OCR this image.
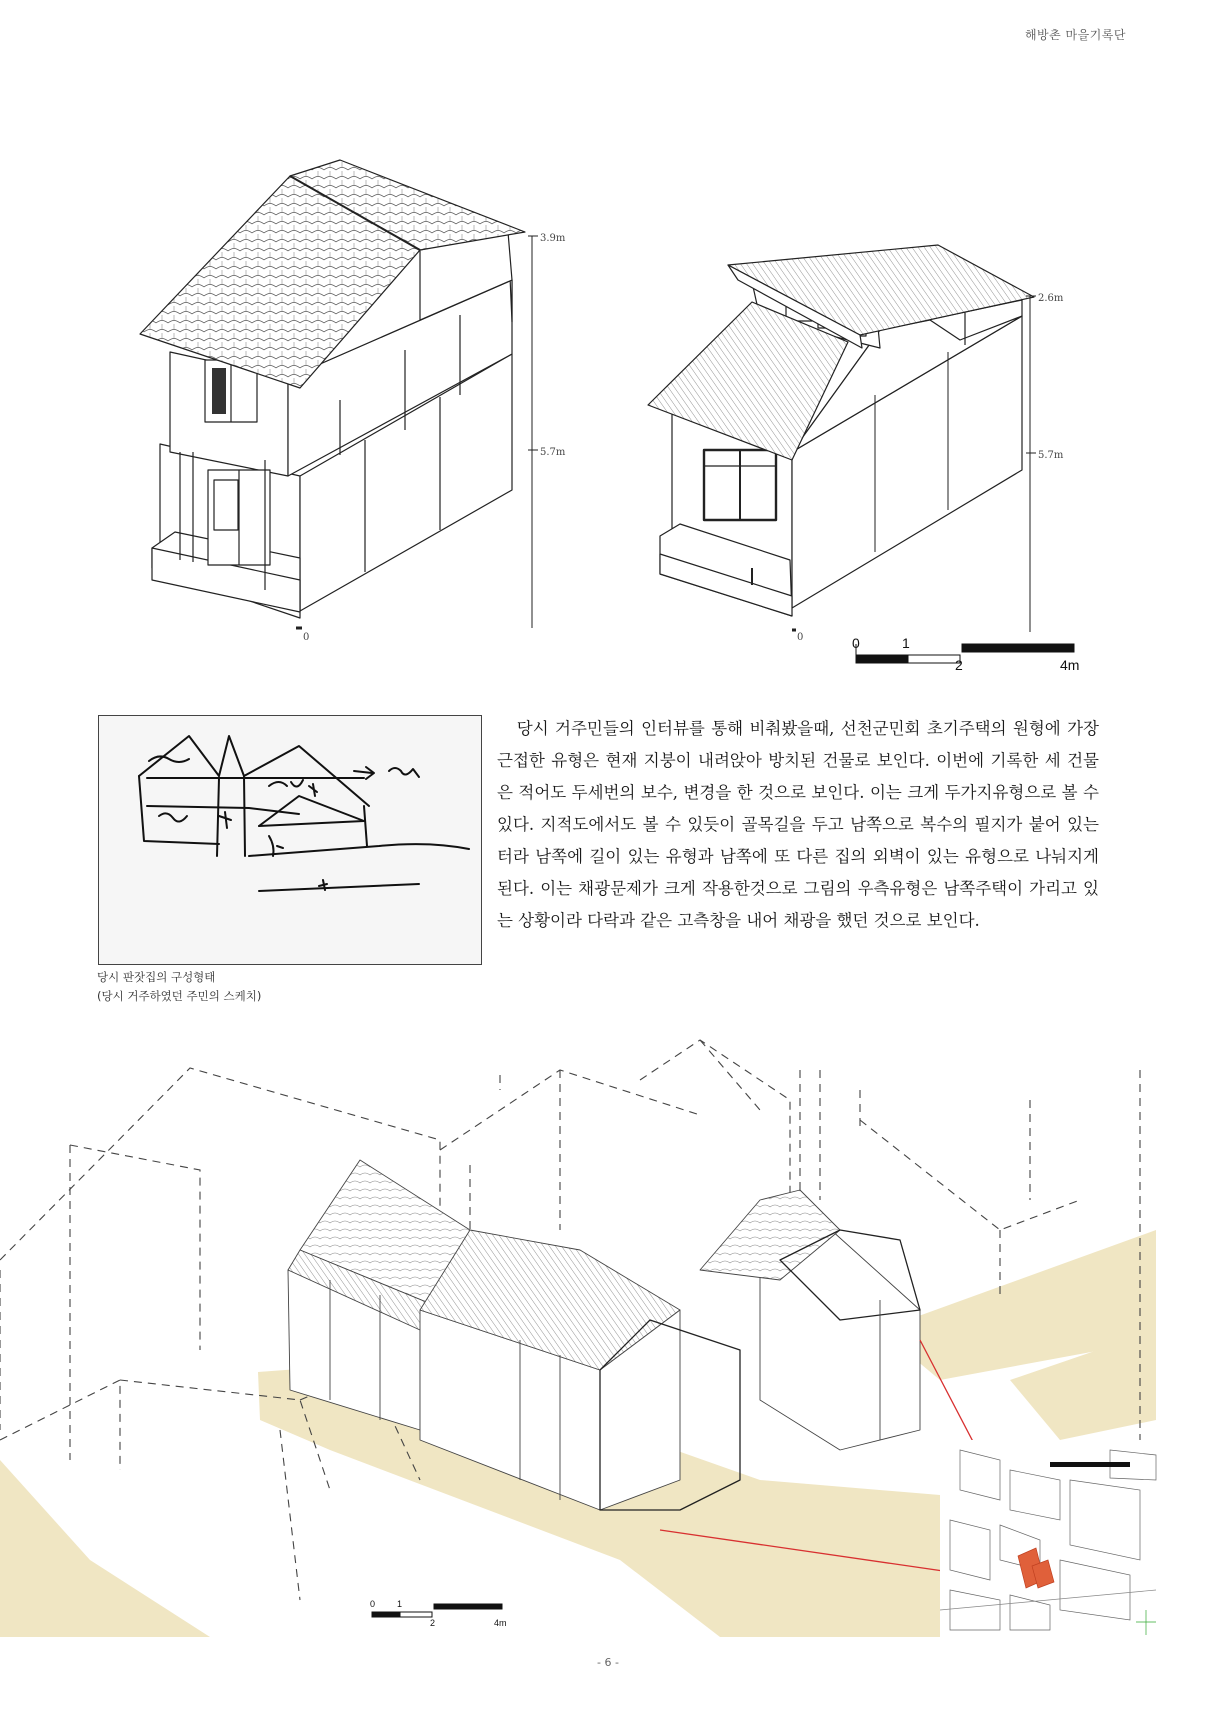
해방촌 마을기록단
3.9m
5.7m
0
2.6m
5.7m
0	0	1
2	4m
0 1
2	4m
당시 판잣집의 구성형태
(당시 거주하였던 주민의 스케치)

당시 거주민들의 인터뷰를 통해 비춰봤을때, 선천군민회 초기주택의 원형에 가장 근접한 유형은 현재 지붕이 내려앉아 방치된 건물로 보인다. 이번에 기록한 세 건물은 적어도 두세번의 보수, 변경을 한 것으로 보인다. 이는 크게 두가지유형으로 볼 수 있다. 지적도에서도 볼 수 있듯이 골목길을 두고 남쪽으로 복수의 필지가 붙어 있는터라 남쪽에 길이 있는 유형과 남쪽에 또 다른 집의 외벽이 있는 유형으로 나눠지게 된다. 이는 채광문제가 크게 작용한것으로 그림의 우측유형은 남쪽주택이 가리고 있는 상황이라 다락과 같은 고측창을 내어 채광을 했던 것으로 보인다.

- 6 -
